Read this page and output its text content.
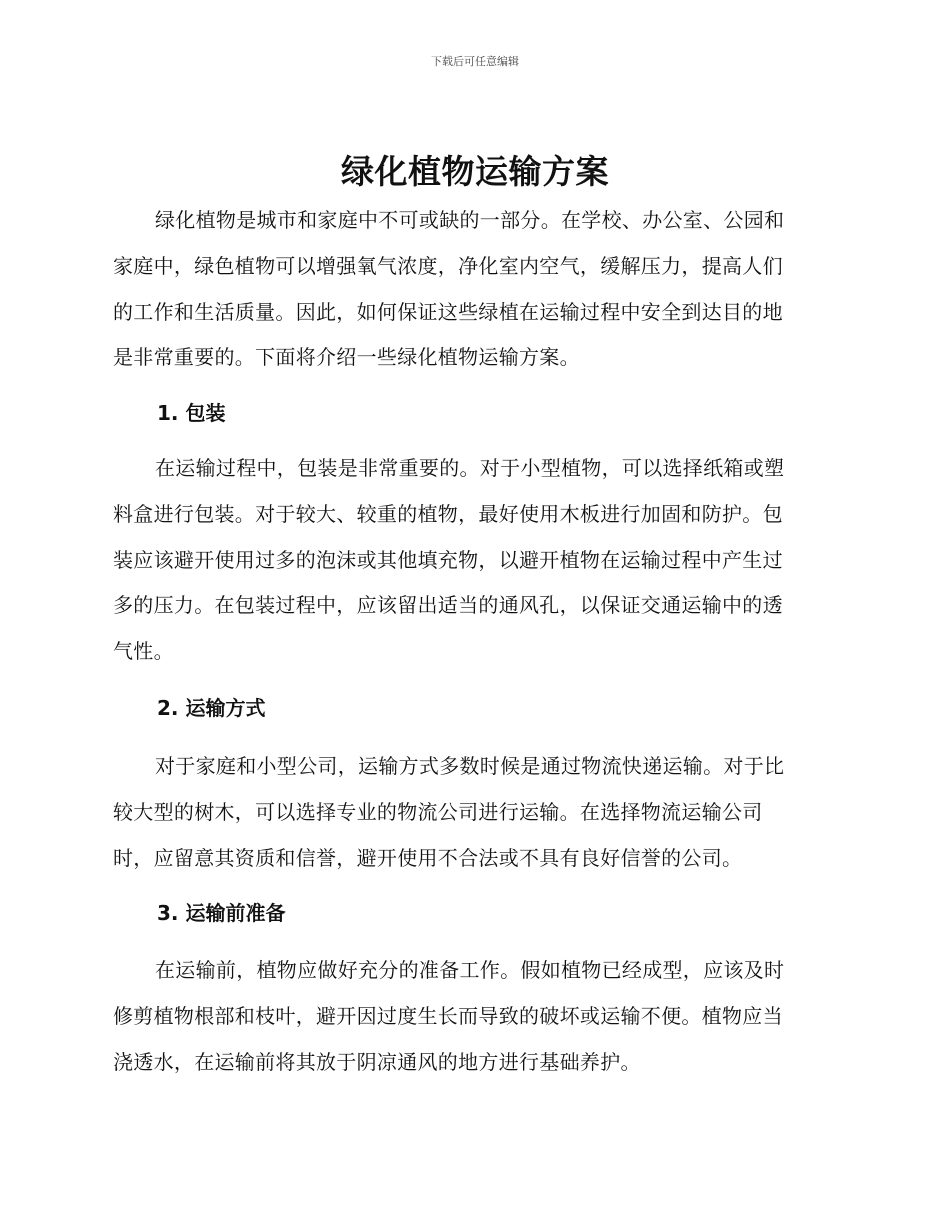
下载后可任意编辑
绿化植物运输方案

绿化植物是城市和家庭中不可或缺的一部分。在学校、办公室、公园和
家庭中，绿色植物可以增强氧气浓度，净化室内空气，缓解压力，提高人们
的工作和生活质量。因此，如何保证这些绿植在运输过程中安全到达目的地
是非常重要的。下面将介绍一些绿化植物运输方案。

1. 包装

在运输过程中，包装是非常重要的。对于小型植物，可以选择纸箱或塑
料盒进行包装。对于较大、较重的植物，最好使用木板进行加固和防护。包
装应该避开使用过多的泡沫或其他填充物，以避开植物在运输过程中产生过
多的压力。在包装过程中，应该留出适当的通风孔，以保证交通运输中的透
气性。

2. 运输方式

对于家庭和小型公司，运输方式多数时候是通过物流快递运输。对于比
较大型的树木，可以选择专业的物流公司进行运输。在选择物流运输公司
时，应留意其资质和信誉，避开使用不合法或不具有良好信誉的公司。

3. 运输前准备

在运输前，植物应做好充分的准备工作。假如植物已经成型，应该及时
修剪植物根部和枝叶，避开因过度生长而导致的破坏或运输不便。植物应当
浇透水，在运输前将其放于阴凉通风的地方进行基础养护。
